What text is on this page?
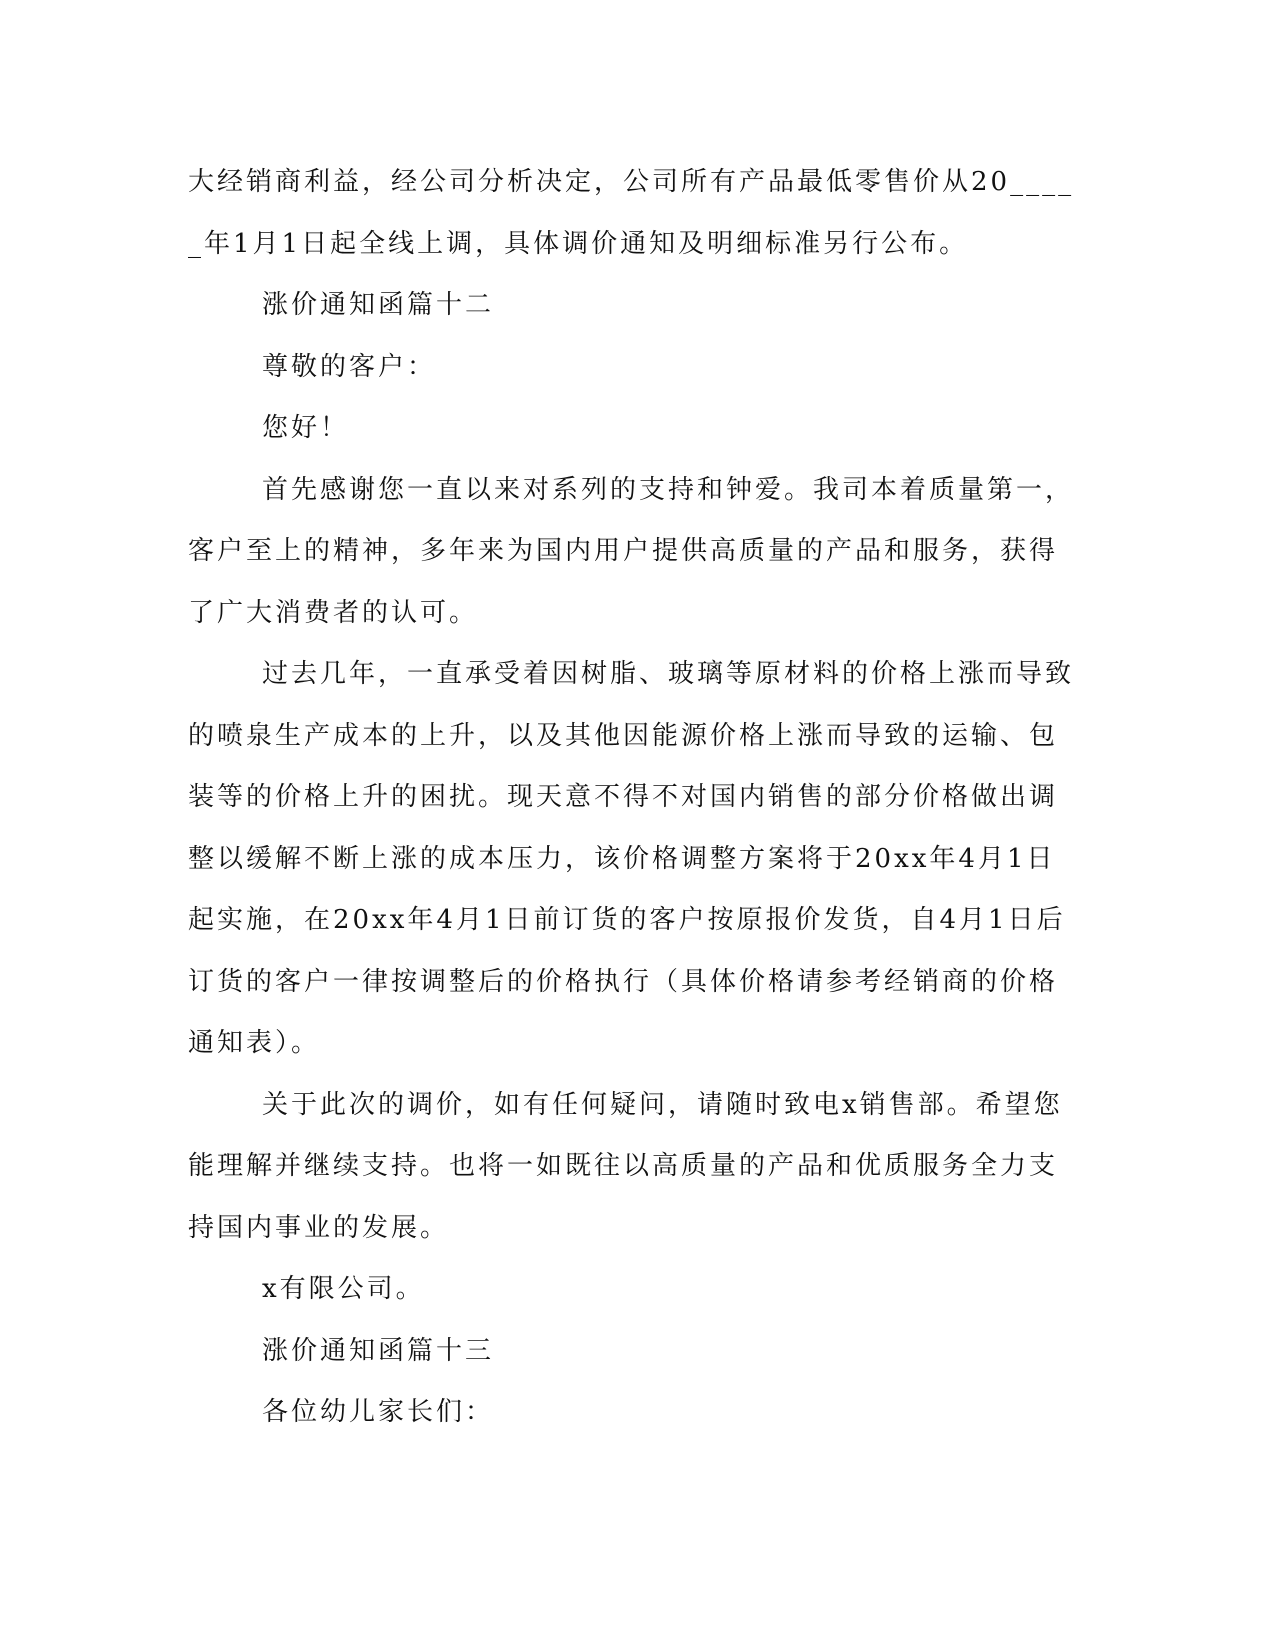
大经销商利益，经公司分析决定，公司所有产品最低零售价从20_____年1月1日起全线上调，具体调价通知及明细标准另行公布。

涨价通知函篇十二

尊敬的客户：

您好！

首先感谢您一直以来对系列的支持和钟爱。我司本着质量第一，客户至上的精神，多年来为国内用户提供高质量的产品和服务，获得了广大消费者的认可。

过去几年，一直承受着因树脂、玻璃等原材料的价格上涨而导致的喷泉生产成本的上升，以及其他因能源价格上涨而导致的运输、包装等的价格上升的困扰。现天意不得不对国内销售的部分价格做出调整以缓解不断上涨的成本压力，该价格调整方案将于20xx年4月1日起实施，在20xx年4月1日前订货的客户按原报价发货，自4月1日后订货的客户一律按调整后的价格执行（具体价格请参考经销商的价格通知表）。

关于此次的调价，如有任何疑问，请随时致电x销售部。希望您能理解并继续支持。也将一如既往以高质量的产品和优质服务全力支持国内事业的发展。

x有限公司。

涨价通知函篇十三

各位幼儿家长们：
